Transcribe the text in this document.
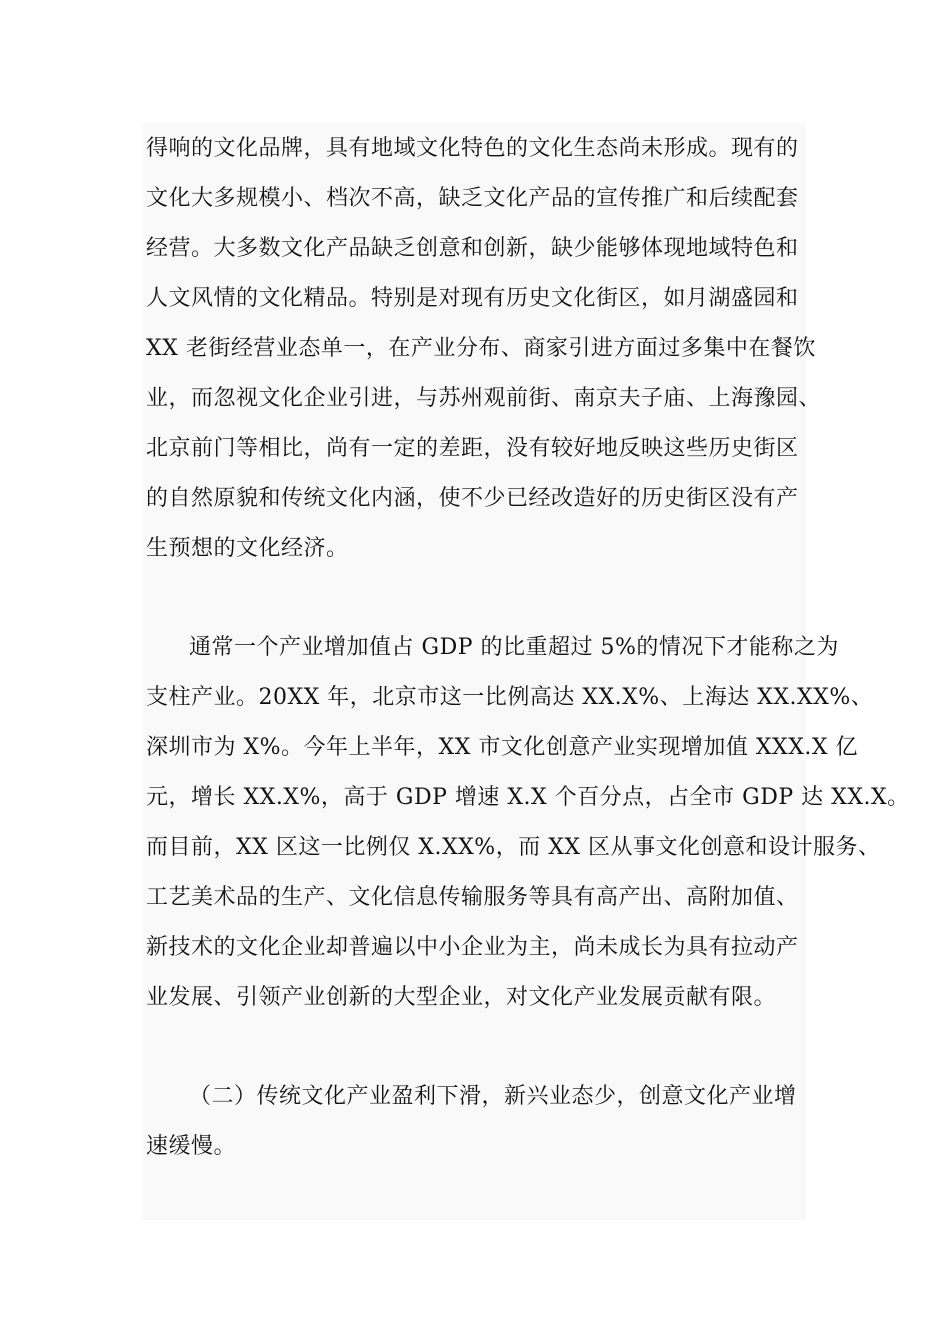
得响的文化品牌，具有地域文化特色的文化生态尚未形成。现有的

文化大多规模小、档次不高，缺乏文化产品的宣传推广和后续配套

经营。大多数文化产品缺乏创意和创新，缺少能够体现地域特色和

人文风情的文化精品。特别是对现有历史文化街区，如月湖盛园和

XX 老街经营业态单一，在产业分布、商家引进方面过多集中在餐饮

业，而忽视文化企业引进，与苏州观前街、南京夫子庙、上海豫园、

北京前门等相比，尚有一定的差距，没有较好地反映这些历史街区

的自然原貌和传统文化内涵，使不少已经改造好的历史街区没有产

生预想的文化经济。

通常一个产业增加值占 GDP 的比重超过 5%的情况下才能称之为

支柱产业。20XX 年，北京市这一比例高达 XX.X%、上海达 XX.XX%、

深圳市为 X%。今年上半年，XX 市文化创意产业实现增加值 XXX.X 亿

元，增长 XX.X%，高于 GDP 增速 X.X 个百分点，占全市 GDP 达 XX.X。

而目前，XX 区这一比例仅 X.XX%，而 XX 区从事文化创意和设计服务、

工艺美术品的生产、文化信息传输服务等具有高产出、高附加值、

新技术的文化企业却普遍以中小企业为主，尚未成长为具有拉动产

业发展、引领产业创新的大型企业，对文化产业发展贡献有限。

（二）传统文化产业盈利下滑，新兴业态少，创意文化产业增

速缓慢。
